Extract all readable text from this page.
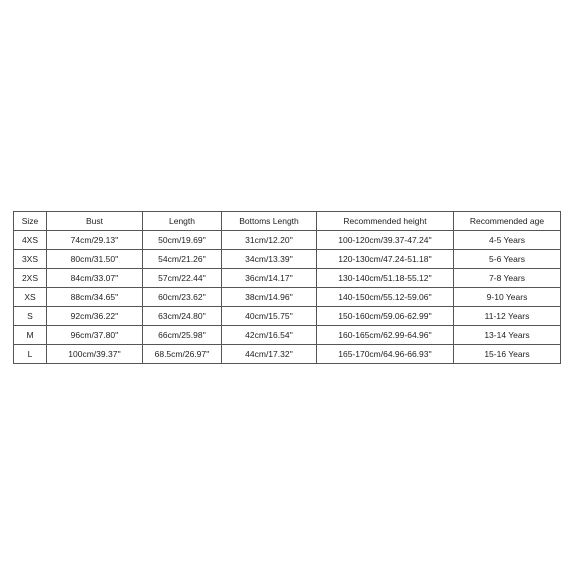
Size	Bust	Length	Bottoms Length	Recommended height	Recommended age
4XS	74cm/29.13''	50cm/19.69''	31cm/12.20''	100-120cm/39.37-47.24''	4-5 Years
3XS	80cm/31.50''	54cm/21.26''	34cm/13.39''	120-130cm/47.24-51.18''	5-6 Years
2XS	84cm/33.07''	57cm/22.44''	36cm/14.17''	130-140cm/51.18-55.12''	7-8 Years
XS	88cm/34.65''	60cm/23.62''	38cm/14.96''	140-150cm/55.12-59.06''	9-10 Years
S	92cm/36.22''	63cm/24.80''	40cm/15.75''	150-160cm/59.06-62.99''	11-12 Years
M	96cm/37.80''	66cm/25.98''	42cm/16.54''	160-165cm/62.99-64.96''	13-14 Years
L	100cm/39.37''	68.5cm/26.97''	44cm/17.32''	165-170cm/64.96-66.93''	15-16 Years
